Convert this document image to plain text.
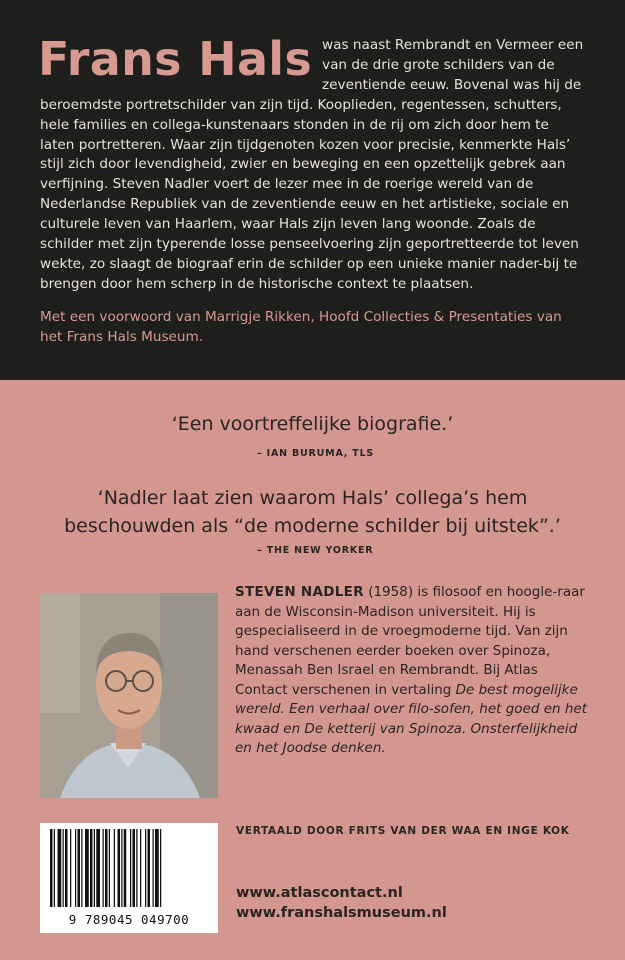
Frans Hals was naast Rembrandt en Vermeer een van de drie grote schilders van de zeventiende eeuw. Bovenal was hij de beroemdste portretschilder van zijn tijd. Kooplieden, regentessen, schutters, hele families en collega-kunstenaars stonden in de rij om zich door hem te laten portretteren. Waar zijn tijdgenoten kozen voor precisie, kenmerkte Hals’ stijl zich door levendigheid, zwier en beweging en een opzettelijk gebrek aan verfijning. Steven Nadler voert de lezer mee in de roerige wereld van de Nederlandse Republiek van de zeventiende eeuw en het artistieke, sociale en culturele leven van Haarlem, waar Hals zijn leven lang woonde. Zoals de schilder met zijn typerende losse penseelvoering zijn geportretteerde tot leven wekte, zo slaagt de biograaf erin de schilder op een unieke manier nader-bij te brengen door hem scherp in de historische context te plaatsen.

Met een voorwoord van Marrigje Rikken, Hoofd Collecties & Presentaties van het Frans Hals Museum.

‘Een voortreffelijke biografie.’

– IAN BURUMA, TLS

‘Nadler laat zien waarom Hals’ collega’s hem beschouwden als “de moderne schilder bij uitstek”.’

– THE NEW YORKER

STEVEN NADLER (1958) is filosoof en hoogle-raar aan de Wisconsin-Madison universiteit. Hij is gespecialiseerd in de vroegmoderne tijd. Van zijn hand verschenen eerder boeken over Spinoza, Menassah Ben Israel en Rembrandt. Bij Atlas Contact verschenen in vertaling De best mogelijke wereld. Een verhaal over filo-sofen, het goed en het kwaad en De ketterij van Spinoza. Onsterfelijkheid en het Joodse denken.

9 789045 049700
VERTAALD DOOR FRITS VAN DER WAA EN INGE KOK
www.atlascontact.nl
www.franshalsmuseum.nl
